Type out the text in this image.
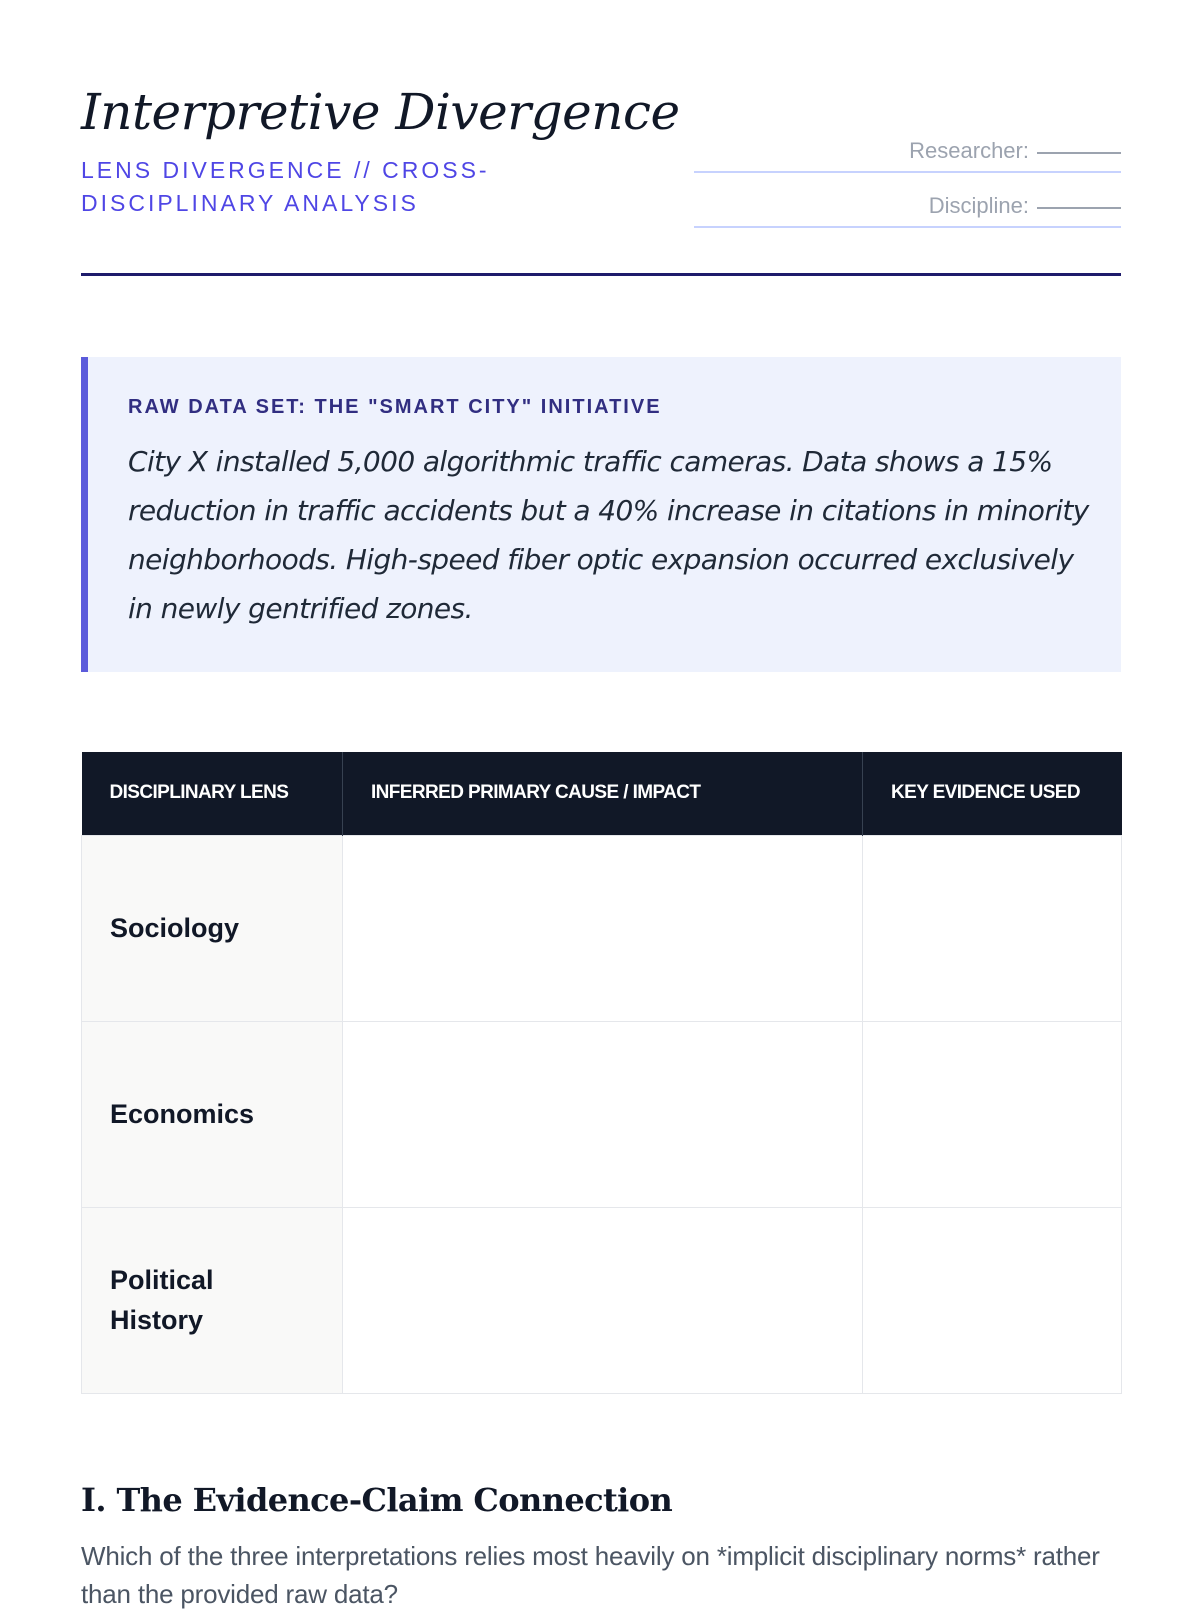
Interpretive Divergence
LENS DIVERGENCE // CROSS-DISCIPLINARY ANALYSIS
Researcher:
Discipline:
RAW DATA SET: THE "SMART CITY" INITIATIVE

City X installed 5,000 algorithmic traffic cameras. Data shows a 15% reduction in traffic accidents but a 40% increase in citations in minority neighborhoods. High-speed fiber optic expansion occurred exclusively in newly gentrified zones.

DISCIPLINARY LENS	INFERRED PRIMARY CAUSE / IMPACT	KEY EVIDENCE USED

Sociology		

Economics		

Political History		

I. The Evidence-Claim Connection

Which of the three interpretations relies most heavily on *implicit disciplinary norms* rather than the provided raw data?
